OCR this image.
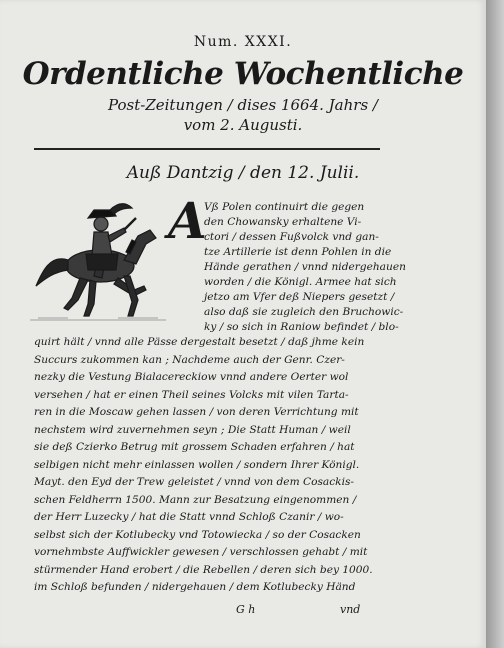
Num. XXXI.
Ordentliche Wochentliche
Post-Zeitungen / dises 1664. Jahrs /
vom 2. Augusti.
Auß Dantzig / den 12. Julii.
A
Vß Polen continuirt die gegen
den Chowansky erhaltene Vi-
ctori / dessen Fußvolck vnd gan-
tze Artillerie ist denn Pohlen in die
Hände gerathen / vnnd nidergehauen
worden / die Königl. Armee hat sich
jetzo am Vfer deß Niepers gesetzt /
also daß sie zugleich den Bruchowic-
ky / so sich in Raniow befindet / blo-
quirt hält / vnnd alle Pässe dergestalt besetzt / daß jhme kein
Succurs zukommen kan ; Nachdeme auch der Genr. Czer-
nezky die Vestung Bialacereckiow vnnd andere Oerter wol
versehen / hat er einen Theil seines Volcks mit vilen Tarta-
ren in die Moscaw gehen lassen / von deren Verrichtung mit
nechstem wird zuvernehmen seyn ; Die Statt Human / weil
sie deß Czierko Betrug mit grossem Schaden erfahren / hat
selbigen nicht mehr einlassen wollen / sondern Ihrer Königl.
Mayt. den Eyd der Trew geleistet / vnnd von dem Cosackis-
schen Feldherrn 1500. Mann zur Besatzung eingenommen /
der Herr Luzecky / hat die Statt vnnd Schloß Czanir / wo-
selbst sich der Kotlubecky vnd Totowiecka / so der Cosacken
vornehmbste Auffwickler gewesen / verschlossen gehabt / mit
stürmender Hand erobert / die Rebellen / deren sich bey 1000.
im Schloß befunden / nidergehauen / dem Kotlubecky Händ
G h	vnd
